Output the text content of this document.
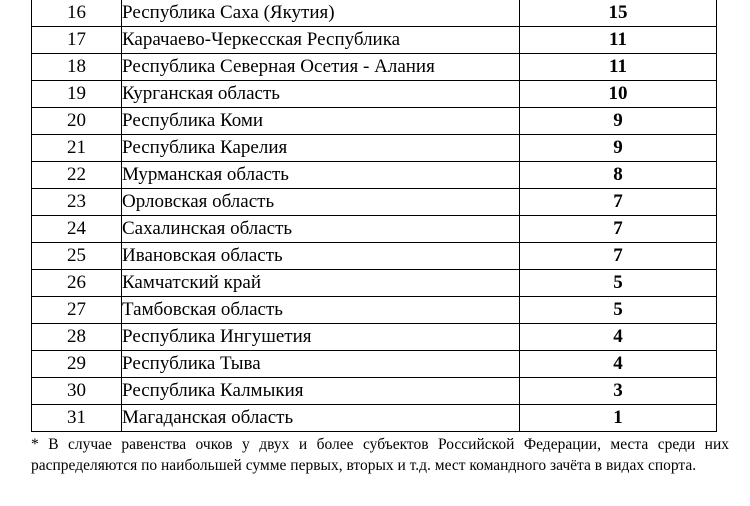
16	Республика Саха (Якутия)	15
17	Карачаево-Черкесская Республика	11
18	Республика Северная Осетия - Алания	11
19	Курганская область	10
20	Республика Коми	9
21	Республика Карелия	9
22	Мурманская область	8
23	Орловская область	7
24	Сахалинская область	7
25	Ивановская область	7
26	Камчатский край	5
27	Тамбовская область	5
28	Республика Ингушетия	4
29	Республика Тыва	4
30	Республика Калмыкия	3
31	Магаданская область	1
* В случае равенства очков у двух и более субъектов Российской Федерации, места среди них распределяются по наибольшей сумме первых, вторых и т.д. мест командного зачёта в видах спорта.
